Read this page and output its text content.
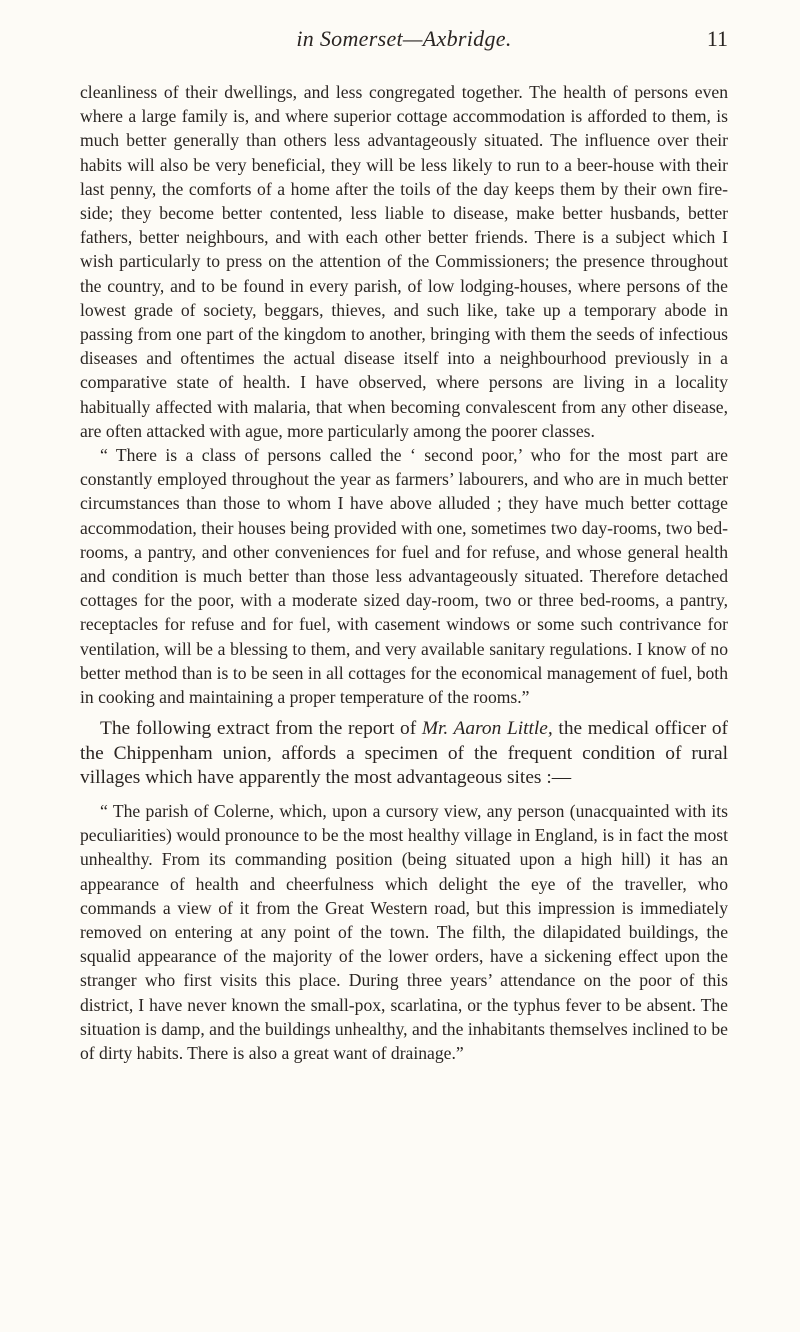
in Somerset—Axbridge.	11

cleanliness of their dwellings, and less congregated together. The health of persons even where a large family is, and where superior cottage accommodation is afforded to them, is much better generally than others less advantageously situated. The influence over their habits will also be very beneficial, they will be less likely to run to a beer-house with their last penny, the comforts of a home after the toils of the day keeps them by their own fire-side; they become better contented, less liable to disease, make better husbands, better fathers, better neighbours, and with each other better friends. There is a subject which I wish particularly to press on the attention of the Commissioners; the presence throughout the country, and to be found in every parish, of low lodging-houses, where persons of the lowest grade of society, beggars, thieves, and such like, take up a temporary abode in passing from one part of the kingdom to another, bringing with them the seeds of infectious diseases and oftentimes the actual disease itself into a neighbourhood previously in a comparative state of health. I have observed, where persons are living in a locality habitually affected with malaria, that when becoming convalescent from any other disease, are often attacked with ague, more particularly among the poorer classes.

“ There is a class of persons called the ‘ second poor,’ who for the most part are constantly employed throughout the year as farmers’ labourers, and who are in much better circumstances than those to whom I have above alluded ; they have much better cottage accommodation, their houses being provided with one, sometimes two day-rooms, two bed-rooms, a pantry, and other conveniences for fuel and for refuse, and whose general health and condition is much better than those less advantageously situated. Therefore detached cottages for the poor, with a moderate sized day-room, two or three bed-rooms, a pantry, receptacles for refuse and for fuel, with casement windows or some such contrivance for ventilation, will be a blessing to them, and very available sanitary regulations. I know of no better method than is to be seen in all cottages for the economical management of fuel, both in cooking and maintaining a proper temperature of the rooms.”

The following extract from the report of Mr. Aaron Little, the medical officer of the Chippenham union, affords a specimen of the frequent condition of rural villages which have apparently the most advantageous sites :—

“ The parish of Colerne, which, upon a cursory view, any person (unacquainted with its peculiarities) would pronounce to be the most healthy village in England, is in fact the most unhealthy. From its commanding position (being situated upon a high hill) it has an appearance of health and cheerfulness which delight the eye of the traveller, who commands a view of it from the Great Western road, but this impression is immediately removed on entering at any point of the town. The filth, the dilapidated buildings, the squalid appearance of the majority of the lower orders, have a sickening effect upon the stranger who first visits this place. During three years’ attendance on the poor of this district, I have never known the small-pox, scarlatina, or the typhus fever to be absent. The situation is damp, and the buildings unhealthy, and the inhabitants themselves inclined to be of dirty habits. There is also a great want of drainage.”
